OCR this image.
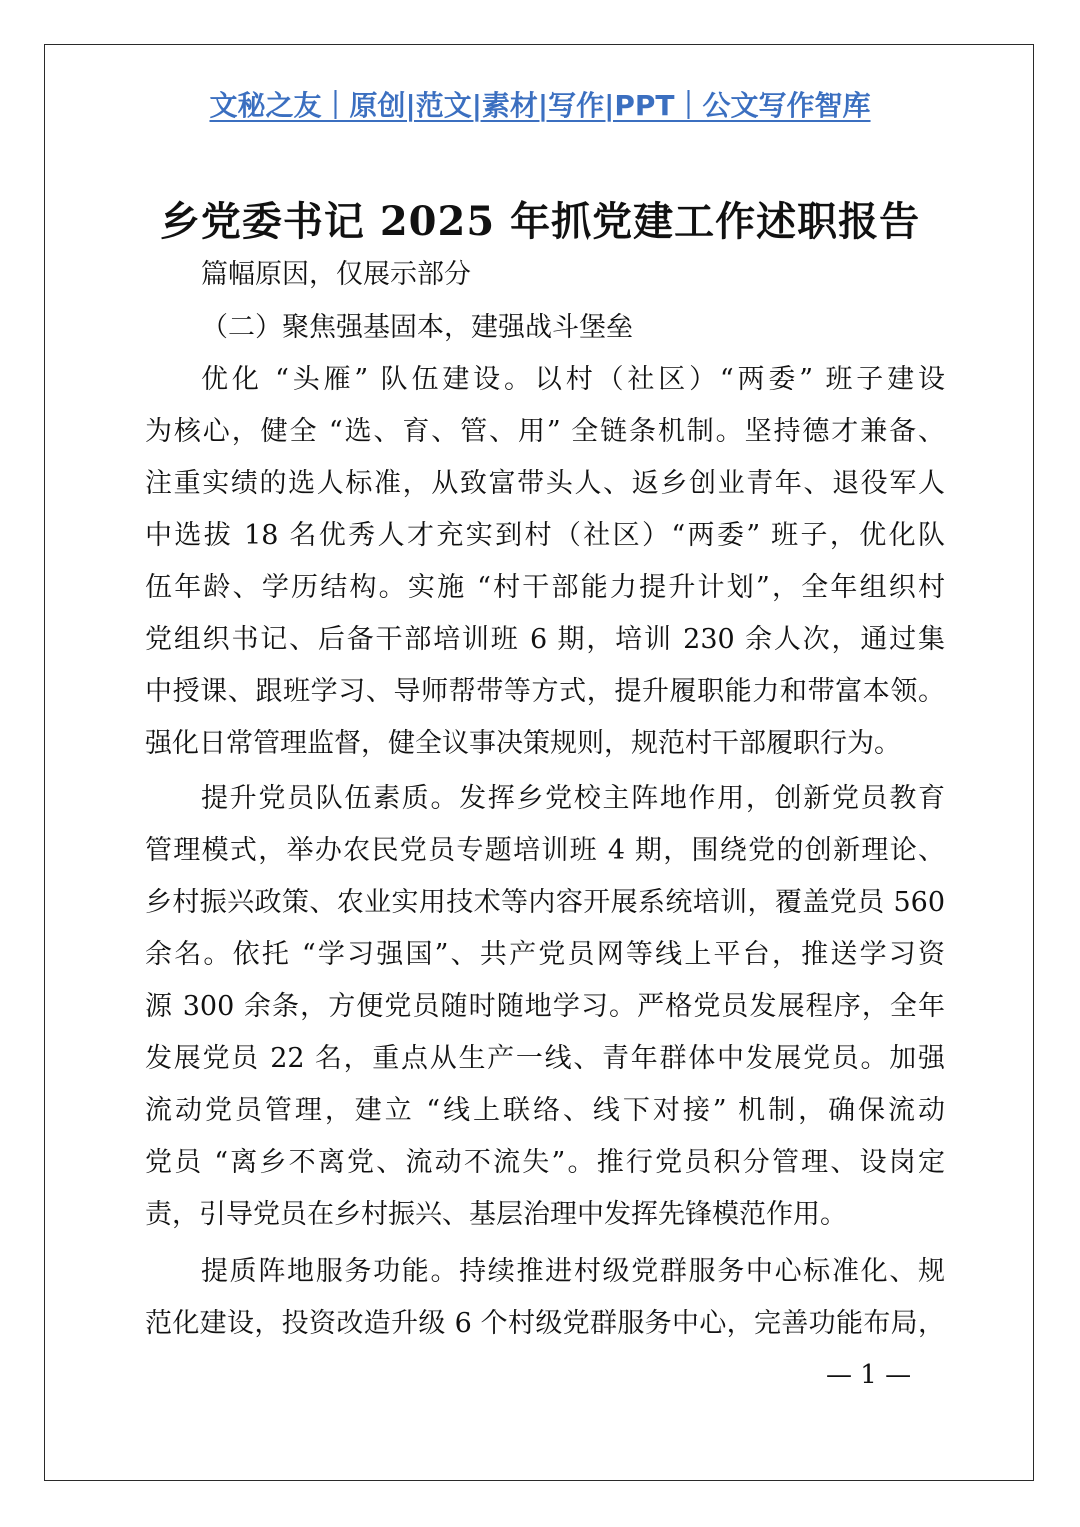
文秘之友｜原创|范文|素材|写作|PPT｜公文写作智库
乡党委书记 2025 年抓党建工作述职报告
篇幅原因，仅展示部分
（二）聚焦强基固本，建强战斗堡垒
优化 “头雁” 队伍建设。以村（社区）“两委” 班子建设
为核心，健全 “选、育、管、用” 全链条机制。坚持德才兼备、
注重实绩的选人标准，从致富带头人、返乡创业青年、退役军人
中选拔 18 名优秀人才充实到村（社区）“两委” 班子，优化队
伍年龄、学历结构。实施 “村干部能力提升计划”，全年组织村
党组织书记、后备干部培训班 6 期，培训 230 余人次，通过集
中授课、跟班学习、导师帮带等方式，提升履职能力和带富本领。
强化日常管理监督，健全议事决策规则，规范村干部履职行为。
提升党员队伍素质。发挥乡党校主阵地作用，创新党员教育
管理模式，举办农民党员专题培训班 4 期，围绕党的创新理论、
乡村振兴政策、农业实用技术等内容开展系统培训，覆盖党员 560
余名。依托 “学习强国”、共产党员网等线上平台，推送学习资
源 300 余条，方便党员随时随地学习。严格党员发展程序，全年
发展党员 22 名，重点从生产一线、青年群体中发展党员。加强
流动党员管理，建立 “线上联络、线下对接” 机制，确保流动
党员 “离乡不离党、流动不流失”。推行党员积分管理、设岗定
责，引导党员在乡村振兴、基层治理中发挥先锋模范作用。
提质阵地服务功能。持续推进村级党群服务中心标准化、规
范化建设，投资改造升级 6 个村级党群服务中心，完善功能布局，
— 1 —
